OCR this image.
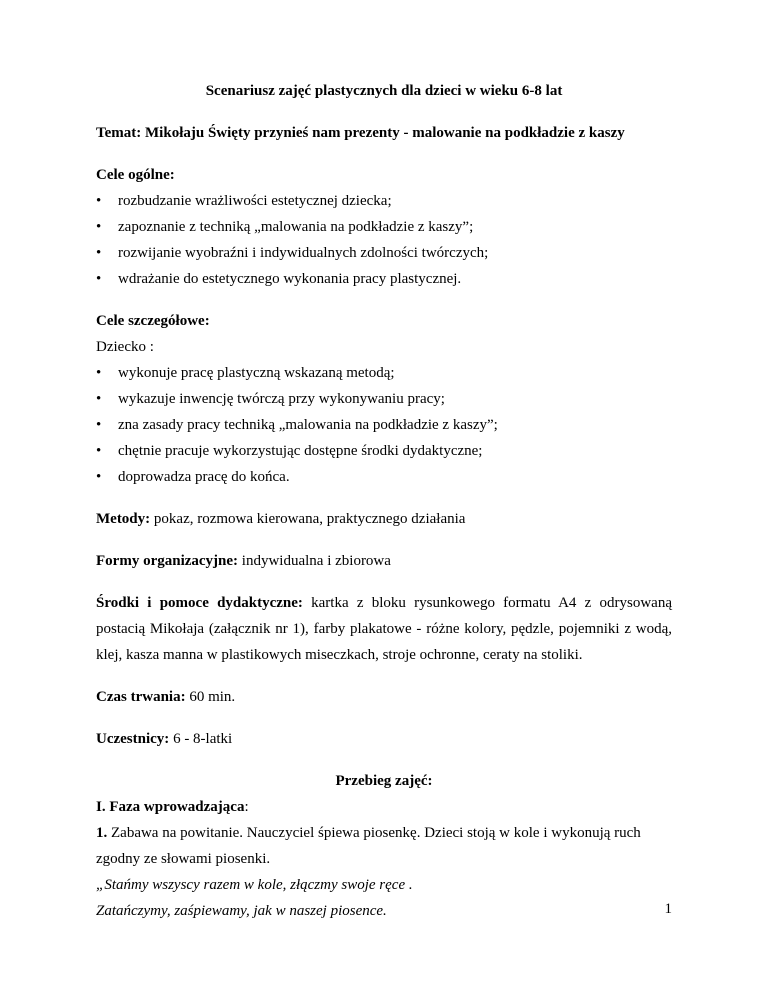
Scenariusz zajęć plastycznych dla dzieci w wieku 6-8 lat

Temat: Mikołaju Święty przynieś nam prezenty - malowanie na podkładzie z kaszy

Cele ogólne:

•	rozbudzanie wrażliwości estetycznej dziecka;
•	zapoznanie z techniką „malowania na podkładzie z kaszy”;
•	rozwijanie wyobraźni i indywidualnych zdolności twórczych;
•	wdrażanie do estetycznego wykonania pracy plastycznej.

Cele szczegółowe:

Dziecko :

•	wykonuje pracę plastyczną wskazaną metodą;
•	wykazuje inwencję twórczą przy wykonywaniu pracy;
•	zna zasady pracy techniką „malowania na podkładzie z kaszy”;
•	chętnie pracuje wykorzystując dostępne środki dydaktyczne;
•	doprowadza pracę do końca.

Metody: pokaz, rozmowa kierowana, praktycznego działania

Formy organizacyjne: indywidualna i zbiorowa

Środki i pomoce dydaktyczne: kartka z bloku rysunkowego formatu A4 z odrysowaną postacią Mikołaja (załącznik nr 1), farby plakatowe - różne kolory, pędzle, pojemniki z wodą, klej, kasza manna w plastikowych miseczkach, stroje ochronne, ceraty na stoliki.

Czas trwania: 60 min.

Uczestnicy: 6 - 8-latki

Przebieg zajęć:

I. Faza wprowadzająca:

1. Zabawa na powitanie. Nauczyciel śpiewa piosenkę. Dzieci stoją w kole i wykonują ruch zgodny ze słowami piosenki.

„Stańmy wszyscy razem w kole, złączmy swoje ręce .

Zatańczymy, zaśpiewamy, jak w naszej piosence.	1
